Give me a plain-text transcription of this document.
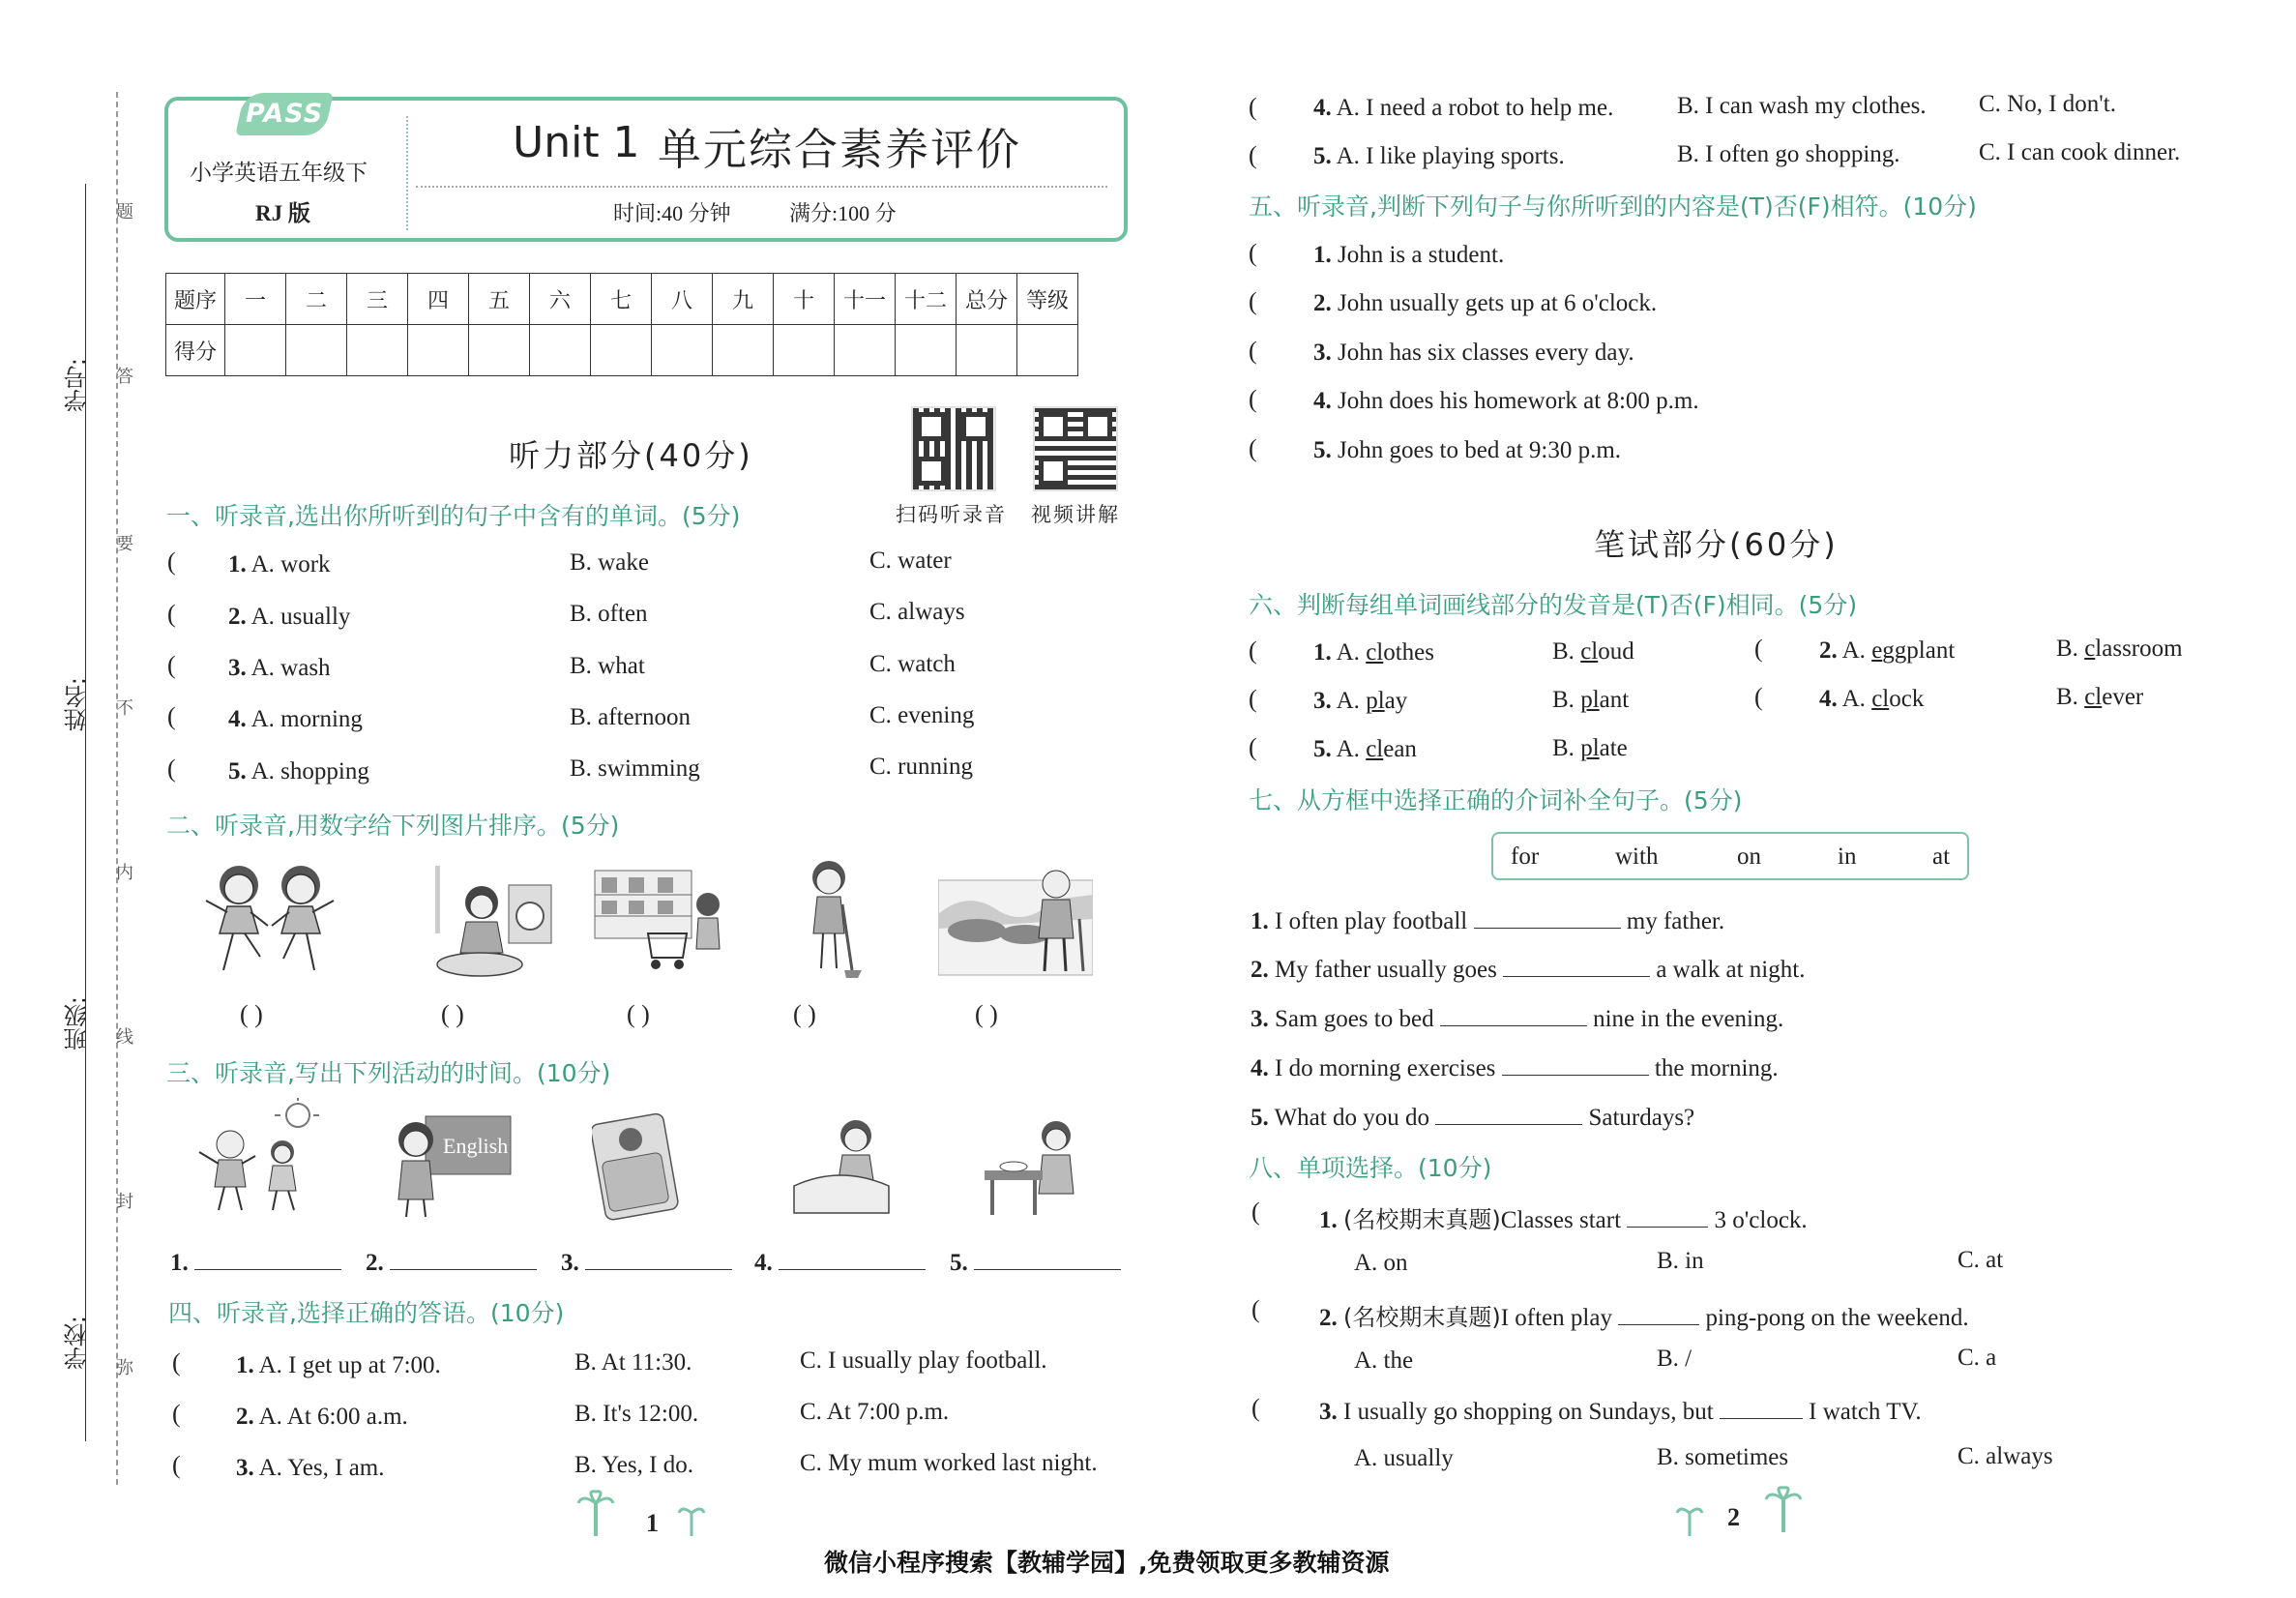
学号:
姓名:
班级:
学校:
题
答
要
不
内
线
封
弥
PASS
小学英语五年级下
RJ 版
Unit 1 单元综合素养评价
时间:40 分钟	满分:100 分
题序	一	二	三	四	五	六	七	八	九	十	十一	十二	总分	等级
得分														
听力部分(40分)
扫码听录音 视频讲解
一、听录音,选出你所听到的句子中含有的单词。(5分)
( 1. A. work	B. wake	C. water
( 2. A. usually	B. often	C. always
( 3. A. wash	B. what	C. watch
( 4. A. morning	B. afternoon	C. evening
( 5. A. shopping	B. swimming	C. running
二、听录音,用数字给下列图片排序。(5分)
( )	( )	( )	( )	( )
三、听录音,写出下列活动的时间。(10分)
English
1.	2.	3.	4.	5.
四、听录音,选择正确的答语。(10分)
( 1. A. I get up at 7:00.	B. At 11:30.	C. I usually play football.
( 2. A. At 6:00 a.m.	B. It's 12:00.	C. At 7:00 p.m.
( 3. A. Yes, I am.	B. Yes, I do.	C. My mum worked last night.
1
( 4. A. I need a robot to help me.	B. I can wash my clothes. C. No, I don't.
( 5. A. I like playing sports.	B. I often go shopping.	C. I can cook dinner.
五、听录音,判断下列句子与你所听到的内容是(T)否(F)相符。(10分)
( 1. John is a student.
( 2. John usually gets up at 6 o'clock.
( 3. John has six classes every day.
( 4. John does his homework at 8:00 p.m.
( 5. John goes to bed at 9:30 p.m.
笔试部分(60分)
六、判断每组单词画线部分的发音是(T)否(F)相同。(5分)
( 1. A. clothes	B. cloud	( 2. A. eggplant	B. classroom
( 3. A. play	B. plant	( 4. A. clock	B. clever
( 5. A. clean	B. plate
七、从方框中选择正确的介词补全句子。(5分)
for	with	on	in	at
1. I often play football	my father.
2. My father usually goes	a walk at night.
3. Sam goes to bed	nine in the evening.
4. I do morning exercises	the morning.
5. What do you do	Saturdays?
八、单项选择。(10分)
( 1. (名校期末真题)Classes start	3 o'clock.
A. on	B. in	C. at
( 2. (名校期末真题)I often play	ping-pong on the weekend.
A. the	B. /	C. a
( 3. I usually go shopping on Sundays, but	I watch TV.
A. usually	B. sometimes	C. always
2
微信小程序搜索【教辅学园】,免费领取更多教辅资源
